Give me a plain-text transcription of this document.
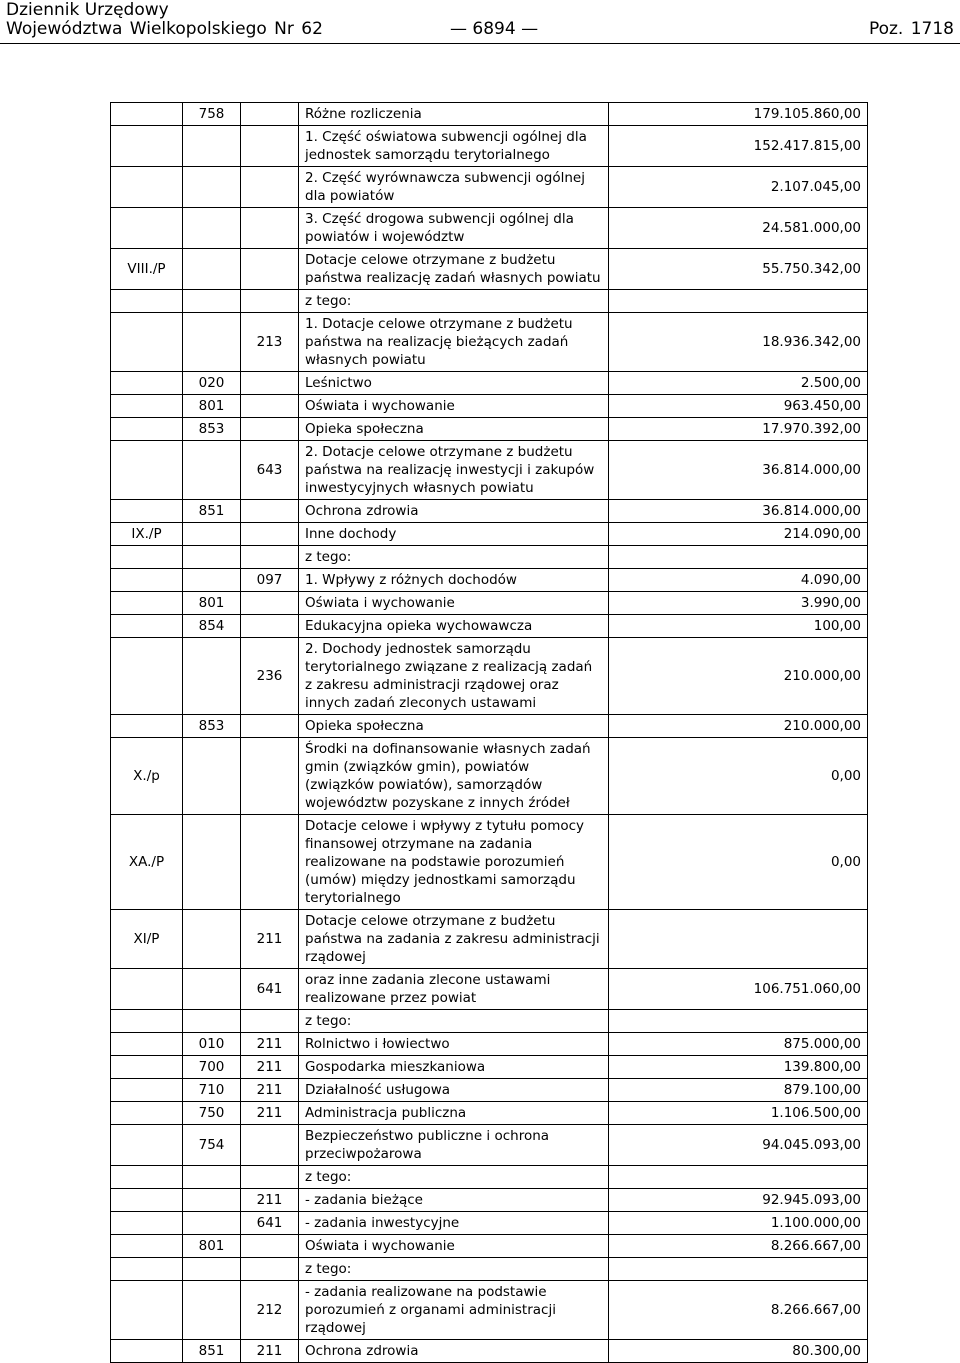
Dziennik Urzędowy
Województwa Wielkopolskiego Nr 62	— 6894 —	Poz. 1718
	758		Różne rozliczenia	179.105.860,00
			1. Część oświatowa subwencji ogólnej dla jednostek samorządu terytorialnego	152.417.815,00
			2. Część wyrównawcza subwencji ogólnej dla powiatów	2.107.045,00
			3. Część drogowa subwencji ogólnej dla powiatów i województw	24.581.000,00
VIII./P			Dotacje celowe otrzymane z budżetu państwa realizację zadań własnych powiatu	55.750.342,00
			z tego:	
		213	1. Dotacje celowe otrzymane z budżetu państwa na realizację bieżących zadań własnych powiatu	18.936.342,00
	020		Leśnictwo	2.500,00
	801		Oświata i wychowanie	963.450,00
	853		Opieka społeczna	17.970.392,00
		643	2. Dotacje celowe otrzymane z budżetu państwa na realizację inwestycji i zakupów inwestycyjnych własnych powiatu	36.814.000,00
	851		Ochrona zdrowia	36.814.000,00
IX./P			Inne dochody	214.090,00
			z tego:	
		097	1. Wpływy z różnych dochodów	4.090,00
	801		Oświata i wychowanie	3.990,00
	854		Edukacyjna opieka wychowawcza	100,00
		236	2. Dochody jednostek samorządu terytorialnego związane z realizacją zadań z zakresu administracji rządowej oraz innych zadań zleconych ustawami	210.000,00
	853		Opieka społeczna	210.000,00
X./p			Środki na dofinansowanie własnych zadań gmin (związków gmin), powiatów (związków powiatów), samorządów województw pozyskane z innych źródeł	0,00
XA./P			Dotacje celowe i wpływy z tytułu pomocy finansowej otrzymane na zadania realizowane na podstawie porozumień (umów) między jednostkami samorządu terytorialnego	0,00
XI/P		211	Dotacje celowe otrzymane z budżetu państwa na zadania z zakresu administracji rządowej	
		641	oraz inne zadania zlecone ustawami realizowane przez powiat	106.751.060,00
			z tego:	
	010	211	Rolnictwo i łowiectwo	875.000,00
	700	211	Gospodarka mieszkaniowa	139.800,00
	710	211	Działalność usługowa	879.100,00
	750	211	Administracja publiczna	1.106.500,00
	754		Bezpieczeństwo publiczne i ochrona przeciwpożarowa	94.045.093,00
			z tego:	
		211	- zadania bieżące	92.945.093,00
		641	- zadania inwestycyjne	1.100.000,00
	801		Oświata i wychowanie	8.266.667,00
			z tego:	
		212	- zadania realizowane na podstawie porozumień z organami administracji rządowej	8.266.667,00
	851	211	Ochrona zdrowia	80.300,00
